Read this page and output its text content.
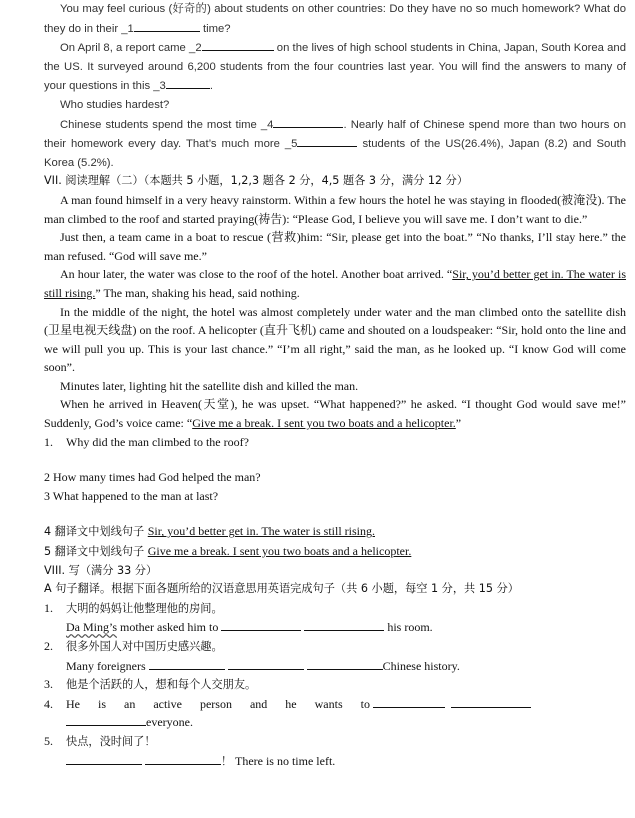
You may feel curious (好奇的) about students on other countries: Do they have no so much homework? What do they do in their _1	time?

On April 8, a report came _2	on the lives of high school students in China, Japan, South Korea and the US. It surveyed around 6,200 students from the four countries last year. You will find the answers to many of your questions in this _3	.

Who studies hardest?

Chinese students spend the most time _4	. Nearly half of Chinese spend more than two hours on their homework every day. That’s much more _5	students of the US(26.4%), Japan (8.2) and South Korea (5.2%).

VII. 阅读理解（二）（本题共 5 小题，1,2,3 题各 2 分，4,5 题各 3 分，满分 12 分）

A man found himself in a very heavy rainstorm. Within a few hours the hotel he was staying in flooded(被淹没). The man climbed to the roof and started praying(祷告): “Please God, I believe you will save me. I don’t want to die.”

Just then, a team came in a boat to rescue (营救)him: “Sir, please get into the boat.” “No thanks, I’ll stay here.” the man refused. “God will save me.”

An hour later, the water was close to the roof of the hotel. Another boat arrived. “Sir, you’d better get in. The water is still rising.” The man, shaking his head, said nothing.

In the middle of the night, the hotel was almost completely under water and the man climbed onto the satellite dish (卫星电视天线盘) on the roof. A helicopter (直升飞机) came and shouted on a loudspeaker: “Sir, hold onto the line and we will pull you up. This is your last chance.” “I’m all right,” said the man, as he looked up. “I know God will come soon”.

Minutes later, lighting hit the satellite dish and killed the man.

When he arrived in Heaven(天堂), he was upset. “What happened?” he asked. “I thought God would save me!” Suddenly, God’s voice came: “Give me a break. I sent you two boats and a helicopter.”

1. Why did the man climbed to the roof?

2 How many times had God helped the man?

3 What happened to the man at last?

4 翻译文中划线句子 Sir, you’d better get in. The water is still rising.

5 翻译文中划线句子 Give me a break. I sent you two boats and a helicopter.

VIII. 写（满分 33 分）

A 句子翻译。根据下面各题所给的汉语意思用英语完成句子（共 6 小题，每空 1 分，共 15 分）

1. 大明的妈妈让他整理他的房间。

Da Ming’s mother asked him to	his room.

2. 很多外国人对中国历史感兴趣。

Many foreigners	Chinese history.

3. 他是个活跃的人，想和每个人交朋友。

4. He is an active person and he wants to

everyone.

5. 快点，没时间了！

！ There is no time left.
